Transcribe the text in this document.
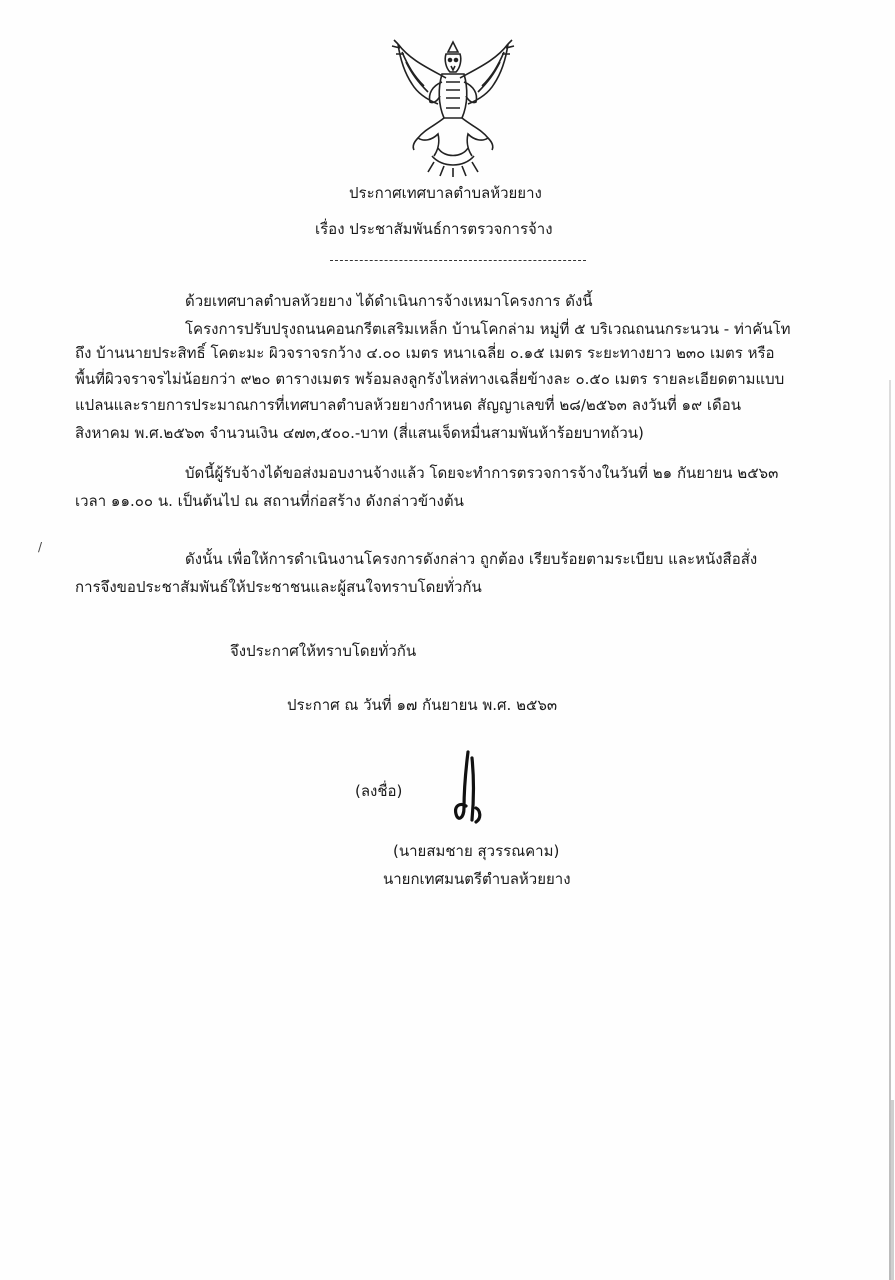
ประกาศเทศบาลตำบลห้วยยาง
เรื่อง ประชาสัมพันธ์การตรวจการจ้าง
ด้วยเทศบาลตำบลห้วยยาง ได้ดำเนินการจ้างเหมาโครงการ ดังนี้
โครงการปรับปรุงถนนคอนกรีตเสริมเหล็ก บ้านโคกล่าม หมู่ที่ ๕ บริเวณถนนกระนวน - ท่าคันโท
ถึง บ้านนายประสิทธิ์ โคตะมะ ผิวจราจรกว้าง ๔.๐๐ เมตร หนาเฉลี่ย ๐.๑๕ เมตร ระยะทางยาว ๒๓๐ เมตร หรือ
พื้นที่ผิวจราจรไม่น้อยกว่า ๙๒๐ ตารางเมตร พร้อมลงลูกรังไหล่ทางเฉลี่ยข้างละ ๐.๕๐ เมตร รายละเอียดตามแบบ
แปลนและรายการประมาณการที่เทศบาลตำบลห้วยยางกำหนด สัญญาเลขที่ ๒๘/๒๕๖๓ ลงวันที่ ๑๙ เดือน
สิงหาคม พ.ศ.๒๕๖๓ จำนวนเงิน ๔๗๓,๕๐๐.-บาท (สี่แสนเจ็ดหมื่นสามพันห้าร้อยบาทถ้วน)
บัดนี้ผู้รับจ้างได้ขอส่งมอบงานจ้างแล้ว โดยจะทำการตรวจการจ้างในวันที่ ๒๑ กันยายน ๒๕๖๓
เวลา ๑๑.๐๐ น. เป็นต้นไป ณ สถานที่ก่อสร้าง ดังกล่าวข้างต้น
/
ดังนั้น เพื่อให้การดำเนินงานโครงการดังกล่าว ถูกต้อง เรียบร้อยตามระเบียบ และหนังสือสั่ง
การจึงขอประชาสัมพันธ์ให้ประชาชนและผู้สนใจทราบโดยทั่วกัน
จึงประกาศให้ทราบโดยทั่วกัน
ประกาศ ณ วันที่ ๑๗ กันยายน พ.ศ. ๒๕๖๓
(ลงชื่อ)
(นายสมชาย สุวรรณคาม)
นายกเทศมนตรีตำบลห้วยยาง
